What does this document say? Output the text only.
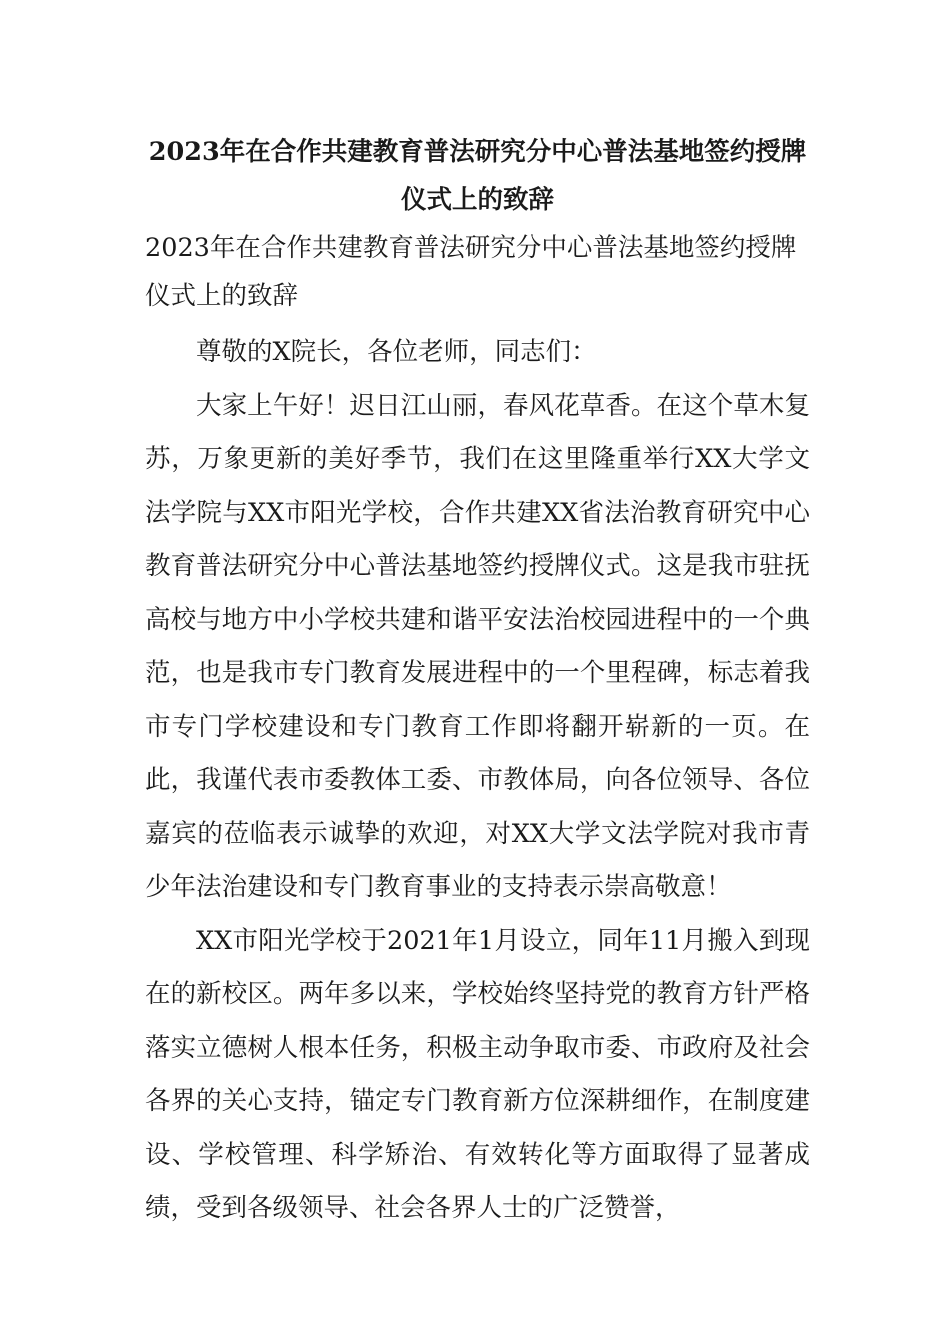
2023年在合作共建教育普法研究分中心普法基地签约授牌
仪式上的致辞

2023年在合作共建教育普法研究分中心普法基地签约授牌
仪式上的致辞

尊敬的X院长，各位老师，同志们：

大家上午好！迟日江山丽，春风花草香。在这个草木复苏，万象更新的美好季节，我们在这里隆重举行XX大学文法学院与XX市阳光学校，合作共建XX省法治教育研究中心教育普法研究分中心普法基地签约授牌仪式。这是我市驻抚高校与地方中小学校共建和谐平安法治校园进程中的一个典范，也是我市专门教育发展进程中的一个里程碑，标志着我市专门学校建设和专门教育工作即将翻开崭新的一页。在此，我谨代表市委教体工委、市教体局，向各位领导、各位嘉宾的莅临表示诚挚的欢迎，对XX大学文法学院对我市青少年法治建设和专门教育事业的支持表示崇高敬意！

XX市阳光学校于2021年1月设立，同年11月搬入到现在的新校区。两年多以来，学校始终坚持党的教育方针严格落实立德树人根本任务，积极主动争取市委、市政府及社会各界的关心支持，锚定专门教育新方位深耕细作，在制度建设、学校管理、科学矫治、有效转化等方面取得了显著成绩，受到各级领导、社会各界人士的广泛赞誉，
